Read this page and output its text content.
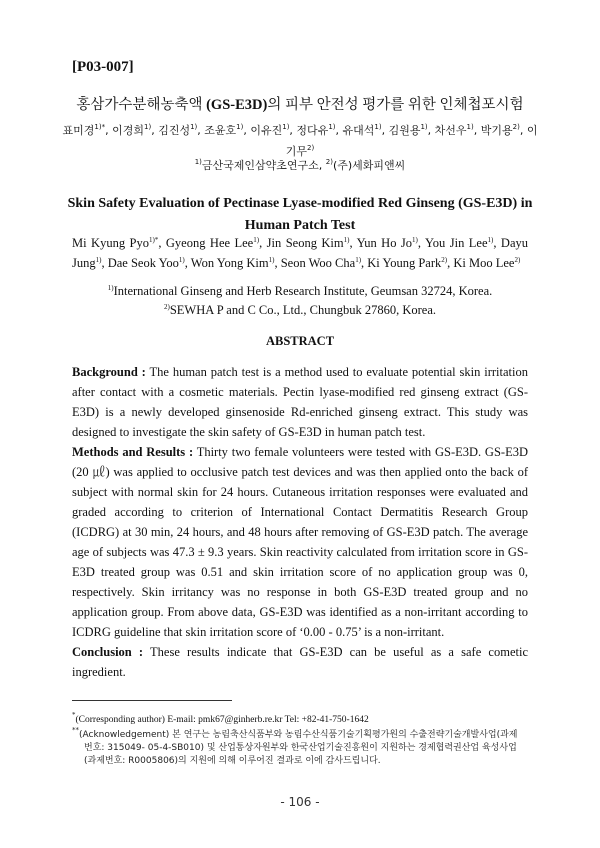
[P03-007]
홍삼가수분해농축액 (GS-E3D)의 피부 안전성 평가를 위한 인체첩포시험
표미경$^{1)*}$, 이경희$^{1)}$, 김진성$^{1)}$, 조윤호$^{1)}$, 이유진$^{1)}$, 정다유$^{1)}$, 유대석$^{1)}$, 김원용$^{1)}$, 차선우$^{1)}$, 박기용$^{2)}$, 이기무$^{2)}$
$^{1)}$금산국제인삼약초연구소, $^{2)}$(주)세화피앤씨
Skin Safety Evaluation of Pectinase Lyase-modified Red Ginseng (GS-E3D) in
Human Patch Test
Mi Kyung Pyo$^{1)*}$, Gyeong Hee Lee$^{1)}$, Jin Seong Kim$^{1)}$, Yun Ho Jo$^{1)}$, You Jin Lee$^{1)}$, Dayu Jung$^{1)}$, Dae Seok Yoo$^{1)}$, Won Yong Kim$^{1)}$, Seon Woo Cha$^{1)}$, Ki Young Park$^{2)}$, Ki Moo Lee$^{2)}$
$^{1)}$International Ginseng and Herb Research Institute, Geumsan 32724, Korea.
$^{2)}$SEWHA P and C Co., Ltd., Chungbuk 27860, Korea.
ABSTRACT

Background : The human patch test is a method used to evaluate potential skin irritation after contact with a cosmetic materials. Pectin lyase-modified red ginseng extract (GS-E3D) is a newly developed ginsenoside Rd-enriched ginseng extract. This study was designed to investigate the skin safety of GS-E3D in human patch test.

Methods and Results : Thirty two female volunteers were tested with GS-E3D. GS-E3D (20 ㎕) was applied to occlusive patch test devices and was then applied onto the back of subject with normal skin for 24 hours. Cutaneous irritation responses were evaluated and graded according to criterion of International Contact Dermatitis Research Group (ICDRG) at 30 min, 24 hours, and 48 hours after removing of GS-E3D patch. The average age of subjects was 47.3 ± 9.3 years. Skin reactivity calculated from irritation score in GS-E3D treated group was 0.51 and skin irritation score of no application group was 0, respectively. Skin irritancy was no response in both GS-E3D treated group and no application group. From above data, GS-E3D was identified as a non-irritant according to ICDRG guideline that skin irritation score of ‘0.00 - 0.75’ is a non-irritant.

Conclusion : These results indicate that GS-E3D can be useful as a safe cometic ingredient.

*(Corresponding author) E-mail: pmk67@ginherb.re.kr Tel: +82-41-750-1642
**(Acknowledgement) 본 연구는 농림축산식품부와 농림수산식품기술기획평가원의 수출전략기술개발사업(과제
번호: 315049- 05-4-SB010) 및 산업통상자원부와 한국산업기술진흥원이 지원하는 경제협력권산업 육성사업
(과제번호: R0005806)의 지원에 의해 이루어진 결과로 이에 감사드립니다.
- 106 -
